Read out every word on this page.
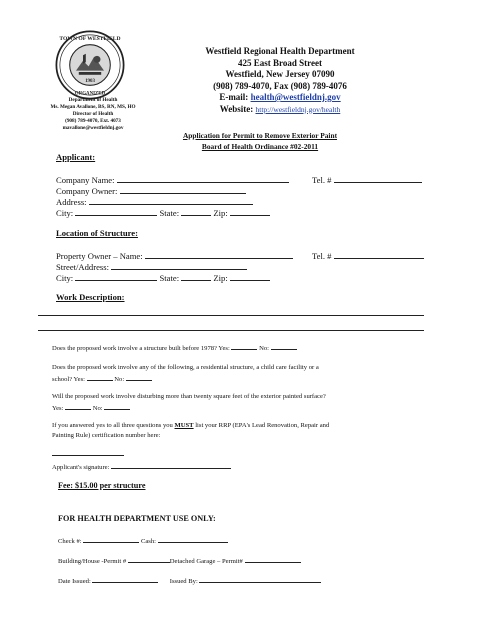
TOWN OF WESTFIELD
1903
ORGANIZED
Department of Health
Ms. Megan Avallone, BS, RN, MS, HO
Director of Health
(908) 789-4070, Ext. 4073
mavallone@westfieldnj.gov
Westfield Regional Health Department
425 East Broad Street
Westfield, New Jersey 07090
(908) 789-4070, Fax (908) 789-4076
E-mail: health@westfieldnj.gov
Website: http://westfieldnj.gov/health
Application for Permit to Remove Exterior Paint
Board of Health Ordinance #02-2011
Applicant:
Company Name:	Tel. #
Company Owner:
Address:
City:	State:	Zip:
Location of Structure:
Property Owner – Name:	Tel. #
Street/Address:
City:	State:	Zip:
Work Description:
Does the proposed work involve a structure built before 1978? Yes:	No:
Does the proposed work involve any of the following, a residential structure, a child care facility or a
school? Yes:	No:
Will the proposed work involve disturbing more than twenty square feet of the exterior painted surface?
Yes:	No:
If you answered yes to all three questions you MUST list your RRP (EPA's Lead Renovation, Repair and
Painting Rule) certification number here:
Applicant's signature:
Fee: $15.00 per structure
FOR HEALTH DEPARTMENT USE ONLY:
Check #:	Cash:
Building/House -Permit #	Detached Garage – Permit#
Date Issued:	Issued By:
